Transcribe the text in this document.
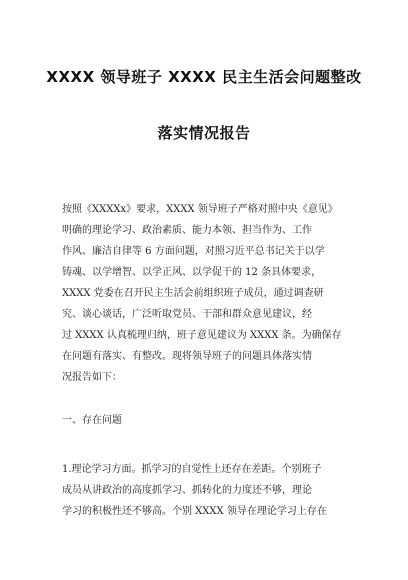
XXXX 领导班子 XXXX 民主生活会问题整改
落实情况报告
按照《XXXXx》要求，XXXX 领导班子严格对照中央《意见》
明确的理论学习、政治素质、能力本领、担当作为、工作
作风、廉洁自律等 6 方面问题，对照习近平总书记关于以学
铸魂、以学增智、以学正风、以学促干的 12 条具体要求，
XXXX 党委在召开民主生活会前组织班子成员，通过调查研
究、谈心谈话，广泛听取党员、干部和群众意见建议，经
过 XXXX 认真梳理归纳，班子意见建议为 XXXX 条。为确保存
在问题有落实、有整改。现将领导班子的问题具体落实情
况报告如下：

一、存在问题

1.理论学习方面。抓学习的自觉性上还存在差距。个别班子
成员从讲政治的高度抓学习、抓转化的力度还不够，理论
学习的积极性还不够高。个别 XXXX 领导在理论学习上存在
